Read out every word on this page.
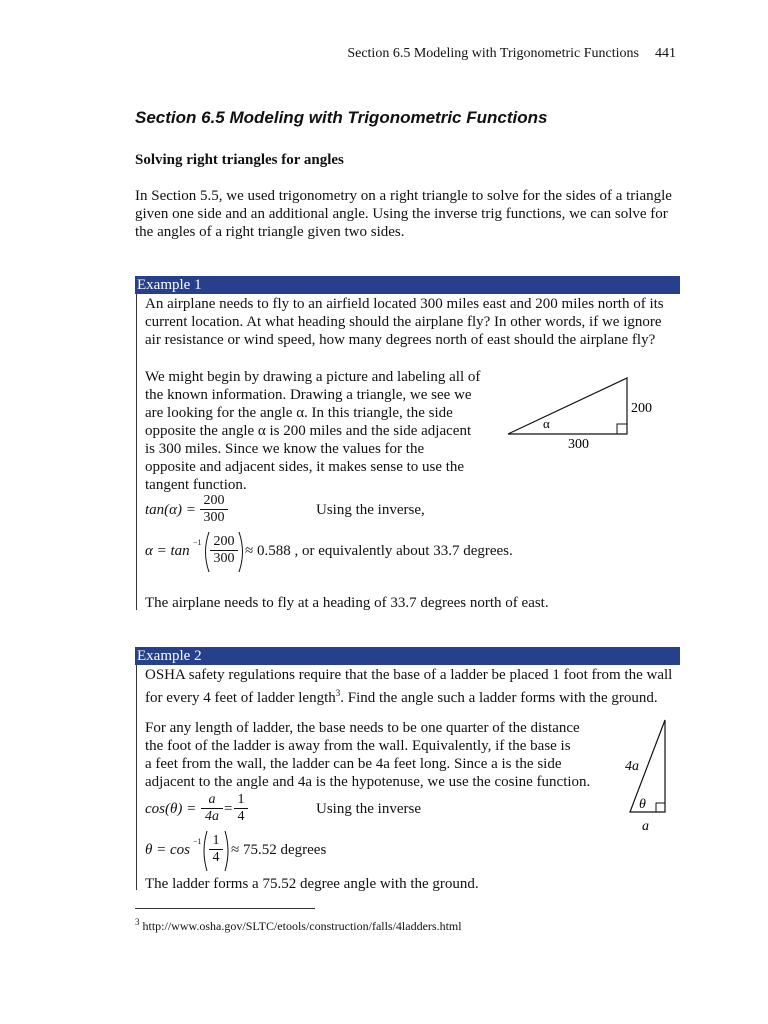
Section 6.5 Modeling with Trigonometric Functions 441
Section 6.5 Modeling with Trigonometric Functions
Solving right triangles for angles
In Section 5.5, we used trigonometry on a right triangle to solve for the sides of a triangle
given one side and an additional angle. Using the inverse trig functions, we can solve for
the angles of a right triangle given two sides.
Example 1
An airplane needs to fly to an airfield located 300 miles east and 200 miles north of its
current location. At what heading should the airplane fly? In other words, if we ignore
air resistance or wind speed, how many degrees north of east should the airplane fly?
We might begin by drawing a picture and labeling all of
the known information. Drawing a triangle, we see we
are looking for the angle α. In this triangle, the side
opposite the angle α is 200 miles and the side adjacent
is 300 miles. Since we know the values for the
opposite and adjacent sides, it makes sense to use the
tangent function.
α
200
300
$\tan(\alpha) = \frac{200}{300}$	Using the inverse,
α = tan
$-1 \frac{200}{300} \approx 0.588$ , or equivalently about 33.7 degrees.
The airplane needs to fly at a heading of 33.7 degrees north of east.
Example 2
OSHA safety regulations require that the base of a ladder be placed 1 foot from the wall
for every 4 feet of ladder length$^3$. Find the angle such a ladder forms with the ground.
For any length of ladder, the base needs to be one quarter of the distance
the foot of the ladder is away from the wall. Equivalently, if the base is
a feet from the wall, the ladder can be 4a feet long. Since a is the side
adjacent to the angle and 4a is the hypotenuse, we use the cosine function.
4a
θ
a
$\cos(\theta) = \frac{a}{4a} = \frac{1}{4}$	Using the inverse
θ = cos
$-1 \frac{1}{4} \approx 75.52$ degrees
The ladder forms a 75.52 degree angle with the ground.
$^3$ http://www.osha.gov/SLTC/etools/construction/falls/4ladders.html
